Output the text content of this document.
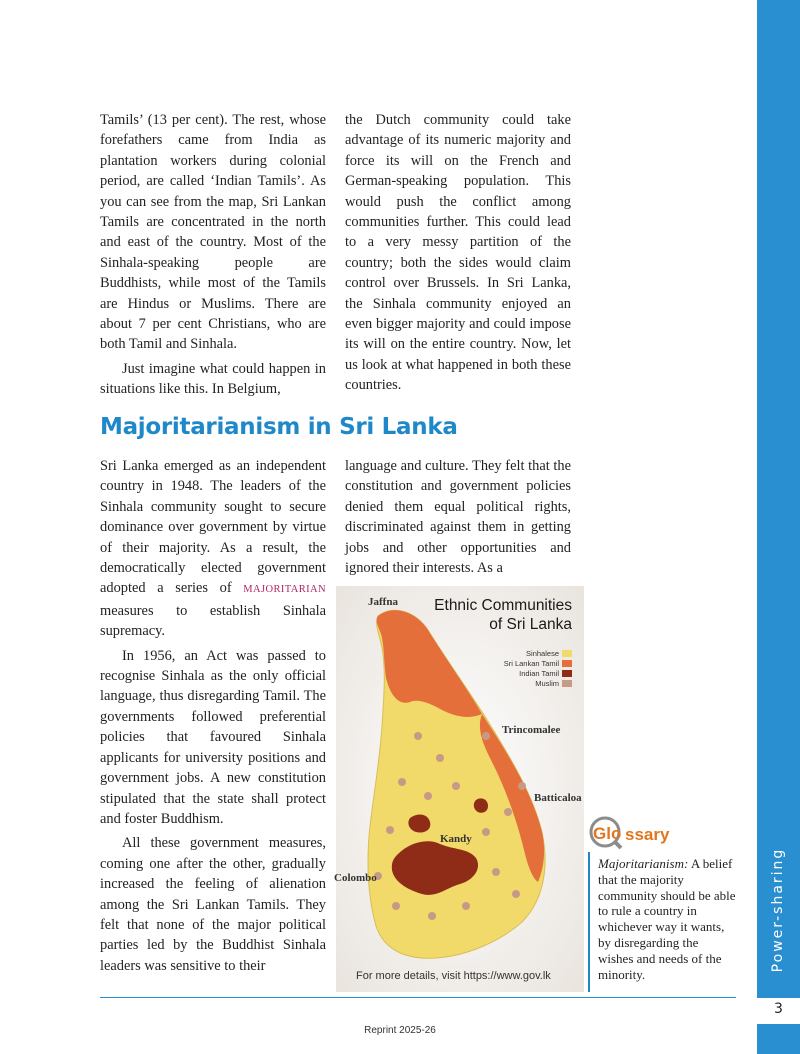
Power-sharing
3

Tamils’ (13 per cent). The rest, whose forefathers came from India as plantation workers during colonial period, are called ‘Indian Tamils’. As you can see from the map, Sri Lankan Tamils are concentrated in the north and east of the country. Most of the Sinhala-speaking people are Buddhists, while most of the Tamils are Hindus or Muslims. There are about 7 per cent Christians, who are both Tamil and Sinhala.

Just imagine what could happen in situations like this. In Belgium,

the Dutch community could take advantage of its numeric majority and force its will on the French and German-speaking population. This would push the conflict among communities further. This could lead to a very messy partition of the country; both the sides would claim control over Brussels. In Sri Lanka, the Sinhala community enjoyed an even bigger majority and could impose its will on the entire country. Now, let us look at what happened in both these countries.

Majoritarianism in Sri Lanka

Sri Lanka emerged as an independent country in 1948. The leaders of the Sinhala community sought to secure dominance over government by virtue of their majority. As a result, the democratically elected government adopted a series of MAJORITARIAN measures to establish Sinhala supremacy.

In 1956, an Act was passed to recognise Sinhala as the only official language, thus disregarding Tamil. The governments followed preferential policies that favoured Sinhala applicants for university positions and government jobs. A new constitution stipulated that the state shall protect and foster Buddhism.

All these government measures, coming one after the other, gradually increased the feeling of alienation among the Sri Lankan Tamils. They felt that none of the major political parties led by the Buddhist Sinhala leaders was sensitive to their

language and culture. They felt that the constitution and government policies denied them equal political rights, discriminated against them in getting jobs and other opportunities and ignored their interests. As a

Ethnic Communities
of Sri Lanka
Sinhalese
Sri Lankan Tamil
Indian Tamil
Muslim
Jaffna
Trincomalee
Batticaloa
Kandy
Colombo
For more details, visit https://www.gov.lk
Glo ssary
Majoritarianism: A belief that the majority community should be able to rule a country in whichever way it wants, by disregarding the wishes and needs of the minority.
Reprint 2025-26
